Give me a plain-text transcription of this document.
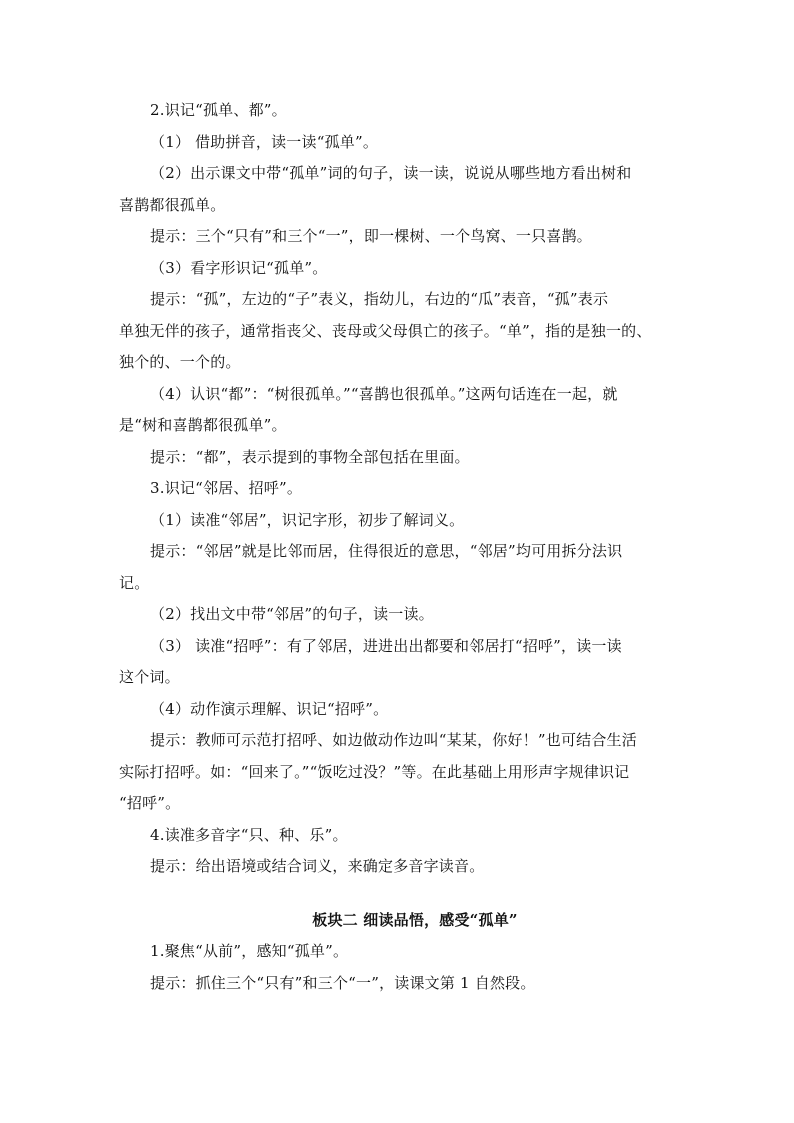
2.识记“孤单、都”。

（1） 借助拼音，读一读“孤单”。

（2）出示课文中带“孤单”词的句子，读一读，说说从哪些地方看出树和

喜鹊都很孤单。

提示：三个“只有”和三个“一”，即一棵树、一个鸟窝、一只喜鹊。

（3）看字形识记“孤单”。

提示：“孤”，左边的“子”表义，指幼儿，右边的“瓜”表音，“孤”表示

单独无伴的孩子，通常指丧父、丧母或父母俱亡的孩子。“单”，指的是独一的、

独个的、一个的。

（4）认识“都”：“树很孤单。”“喜鹊也很孤单。”这两句话连在一起，就

是“树和喜鹊都很孤单”。

提示：“都”，表示提到的事物全部包括在里面。

3.识记“邻居、招呼”。

（1）读准“邻居”，识记字形，初步了解词义。

提示：“邻居”就是比邻而居，住得很近的意思，“邻居”均可用拆分法识

记。

（2）找出文中带“邻居”的句子，读一读。

（3） 读准“招呼”：有了邻居，进进出出都要和邻居打“招呼”，读一读

这个词。

（4）动作演示理解、识记“招呼”。

提示：教师可示范打招呼、如边做动作边叫“某某，你好！”也可结合生活

实际打招呼。如：“回来了。”“饭吃过没？”等。在此基础上用形声字规律识记

“招呼”。

4.读准多音字“只、种、乐”。

提示：给出语境或结合词义，来确定多音字读音。

板块二 细读品悟，感受“孤单”

1.聚焦“从前”，感知“孤单”。

提示：抓住三个“只有”和三个“一”，读课文第 1 自然段。
